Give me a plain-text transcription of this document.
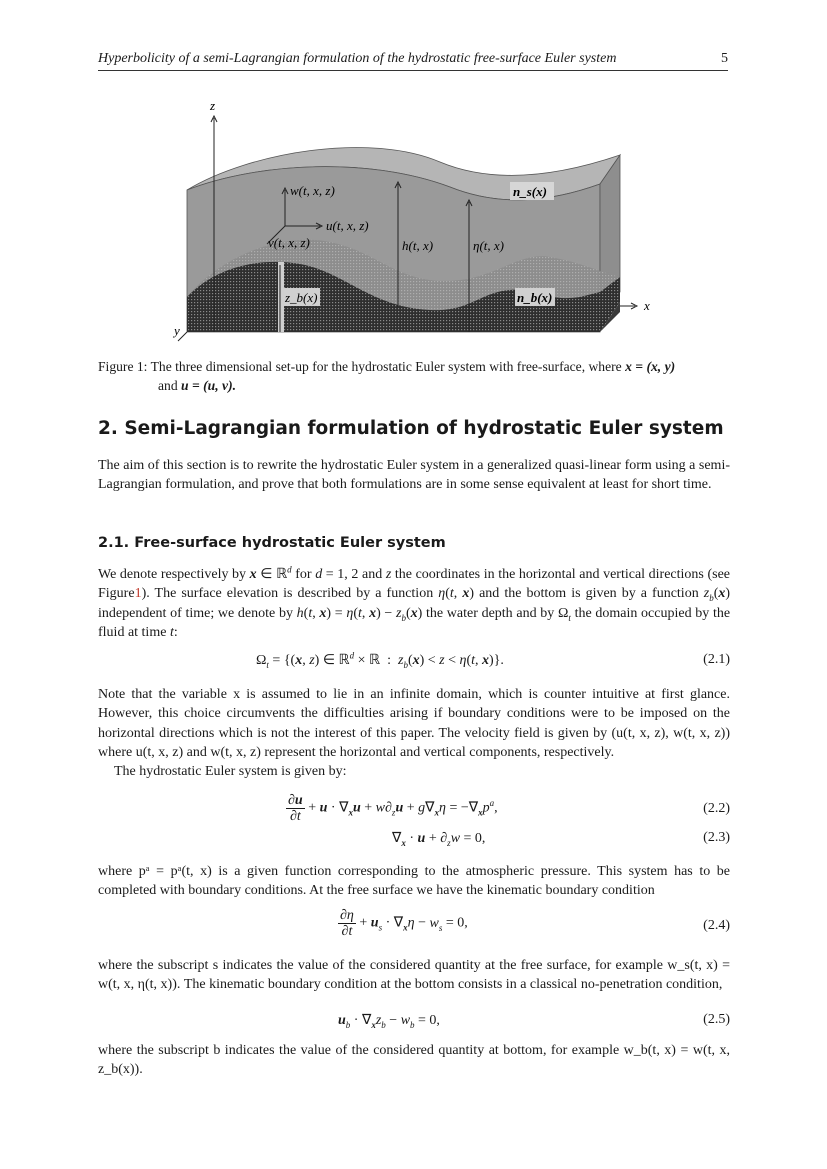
Hyperbolicity of a semi-Lagrangian formulation of the hydrostatic free-surface Euler system	5
z
x
y
w(t, x, z)
u(t, x, z)
v(t, x, z)	h(t, x)	η(t, x)
n_s(x)
n_b(x)
z_b(x)
Figure 1: The three dimensional set-up for the hydrostatic Euler system with free-surface, where x = (x, y)
and u = (u, v).
2. Semi-Lagrangian formulation of hydrostatic Euler system
The aim of this section is to rewrite the hydrostatic Euler system in a generalized quasi-linear form using a semi-Lagrangian formulation, and prove that both formulations are in some sense equivalent at least for short time.
2.1. Free-surface hydrostatic Euler system
We denote respectively by x ∈ ℝ$^d$ for d = 1, 2 and z the coordinates in the horizontal and vertical directions (see Figure1). The surface elevation is described by a function η(t, x) and the bottom is given by a function $z_b(x)$ independent of time; we denote by h(t, x) = η(t, $x) - z_b(x)$ the water depth and by $\Omega_t$ the domain occupied by the fluid at time t:
$\Omega_t = \{(x$, z) ∈ ℝ$^d$ × ℝ  :  $z_b(x) < z < \eta(t$, x)}.	(2.1)
Note that the variable x is assumed to lie in an infinite domain, which is counter intuitive at first glance. However, this choice circumvents the difficulties arising if boundary conditions were to be imposed on the horizontal directions which is not the interest of this paper. The velocity field is given by (u(t, x, z), w(t, x, z)) where u(t, x, z) and w(t, x, z) represent the horizontal and vertical components, respectively.
The hydrostatic Euler system is given by:
$\frac{\partial u}{\partial t} + u \cdot \nabla_xu + w\partial_zu + g\nabla_x\eta = -\nabla_xp^a$,	(2.2)
$\nabla_x \cdot u + \partial_zw = 0$,	(2.3)
where pᵃ = pᵃ(t, x) is a given function corresponding to the atmospheric pressure. This system has to be completed with boundary conditions. At the free surface we have the kinematic boundary condition
$\frac{\partial\eta}{\partial t} + u_s \cdot \nabla_x\eta - w_s = 0$,	(2.4)
where the subscript s indicates the value of the considered quantity at the free surface, for example w_s(t, x) = w(t, x, η(t, x)). The kinematic boundary condition at the bottom consists in a classical no-penetration condition,
$u_b \cdot \nabla_xz_b - w_b = 0$,	(2.5)
where the subscript b indicates the value of the considered quantity at bottom, for example w_b(t, x) = w(t, x, z_b(x)).
